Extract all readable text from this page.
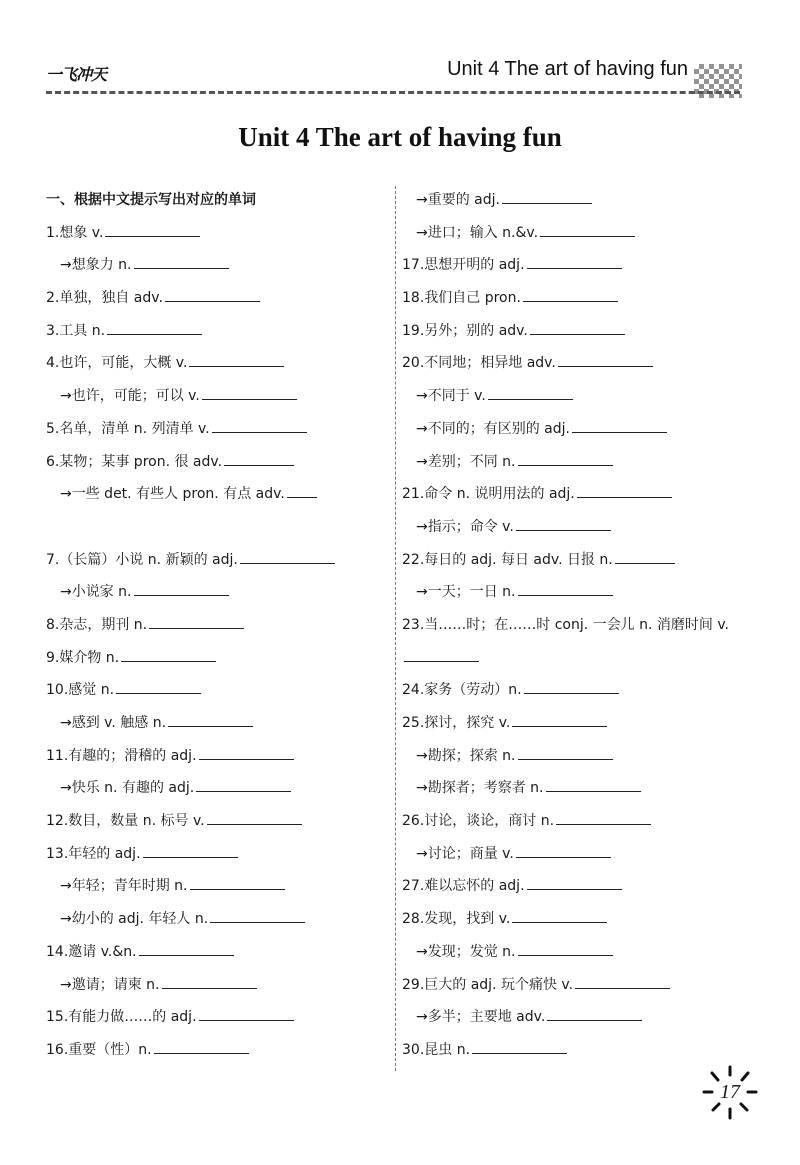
一飞冲天	Unit 4 The art of having fun
Unit 4 The art of having fun
一、根据中文提示写出对应的单词
1.想象 v.
→想象力 n.
2.单独，独自 adv.
3.工具 n.
4.也许，可能，大概 v.
→也许，可能；可以 v.
5.名单，清单 n. 列清单 v.
6.某物；某事 pron. 很 adv.
→一些 det. 有些人 pron. 有点 adv.
7.（长篇）小说 n. 新颖的 adj.
→小说家 n.
8.杂志，期刊 n.
9.媒介物 n.
10.感觉 n.
→感到 v. 触感 n.
11.有趣的；滑稽的 adj.
→快乐 n. 有趣的 adj.
12.数目，数量 n. 标号 v.
13.年轻的 adj.
→年轻；青年时期 n.
→幼小的 adj. 年轻人 n.
14.邀请 v.&n.
→邀请；请柬 n.
15.有能力做……的 adj.
16.重要（性）n.
→重要的 adj.
→进口；输入 n.&v.
17.思想开明的 adj.
18.我们自己 pron.
19.另外；别的 adv.
20.不同地；相异地 adv.
→不同于 v.
→不同的；有区别的 adj.
→差别；不同 n.
21.命令 n. 说明用法的 adj.
→指示；命令 v.
22.每日的 adj. 每日 adv. 日报 n.
→一天；一日 n.
23.当……时；在……时 conj. 一会儿 n. 消磨时间 v.
24.家务（劳动）n.
25.探讨，探究 v.
→勘探；探索 n.
→勘探者；考察者 n.
26.讨论，谈论，商讨 n.
→讨论；商量 v.
27.难以忘怀的 adj.
28.发现，找到 v.
→发现；发觉 n.
29.巨大的 adj. 玩个痛快 v.
→多半；主要地 adv.
30.昆虫 n.
17
